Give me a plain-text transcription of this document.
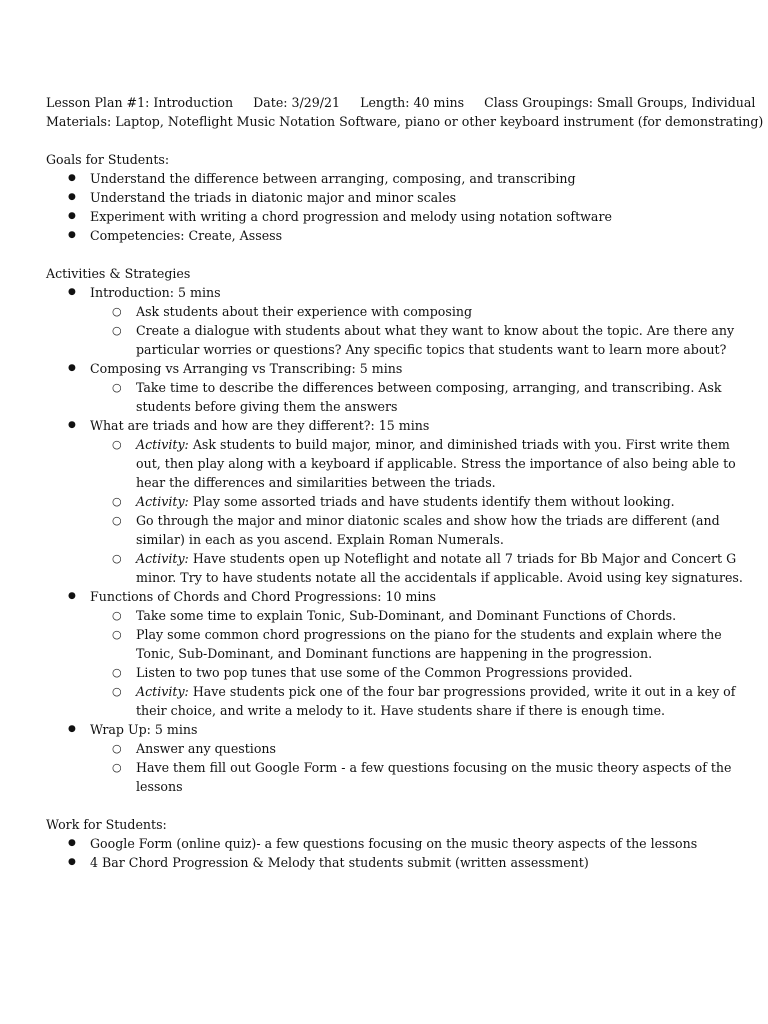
Lesson Plan #1: Introduction Date: 3/29/21 Length: 40 mins Class Groupings: Small Groups, Individual
Materials: Laptop, Noteflight Music Notation Software, piano or other keyboard instrument (for demonstrating)
Goals for Students:
● Understand the difference between arranging, composing, and transcribing
● Understand the triads in diatonic major and minor scales
● Experiment with writing a chord progression and melody using notation software
● Competencies: Create, Assess
Activities & Strategies
● Introduction: 5 mins
○ Ask students about their experience with composing
○ Create a dialogue with students about what they want to know about the topic. Are there any particular worries or questions? Any specific topics that students want to learn more about?
● Composing vs Arranging vs Transcribing: 5 mins
○ Take time to describe the differences between composing, arranging, and transcribing. Ask students before giving them the answers
● What are triads and how are they different?: 15 mins
○ Activity: Ask students to build major, minor, and diminished triads with you. First write them out, then play along with a keyboard if applicable. Stress the importance of also being able to hear the differences and similarities between the triads.
○ Activity: Play some assorted triads and have students identify them without looking.
○ Go through the major and minor diatonic scales and show how the triads are different (and similar) in each as you ascend. Explain Roman Numerals.
○ Activity: Have students open up Noteflight and notate all 7 triads for Bb Major and Concert G minor. Try to have students notate all the accidentals if applicable. Avoid using key signatures.
● Functions of Chords and Chord Progressions: 10 mins
○ Take some time to explain Tonic, Sub-Dominant, and Dominant Functions of Chords.
○ Play some common chord progressions on the piano for the students and explain where the Tonic, Sub-Dominant, and Dominant functions are happening in the progression.
○ Listen to two pop tunes that use some of the Common Progressions provided.
○ Activity: Have students pick one of the four bar progressions provided, write it out in a key of their choice, and write a melody to it. Have students share if there is enough time.
● Wrap Up: 5 mins
○ Answer any questions
○ Have them fill out Google Form - a few questions focusing on the music theory aspects of the lessons
Work for Students:
● Google Form (online quiz)- a few questions focusing on the music theory aspects of the lessons
● 4 Bar Chord Progression & Melody that students submit (written assessment)
